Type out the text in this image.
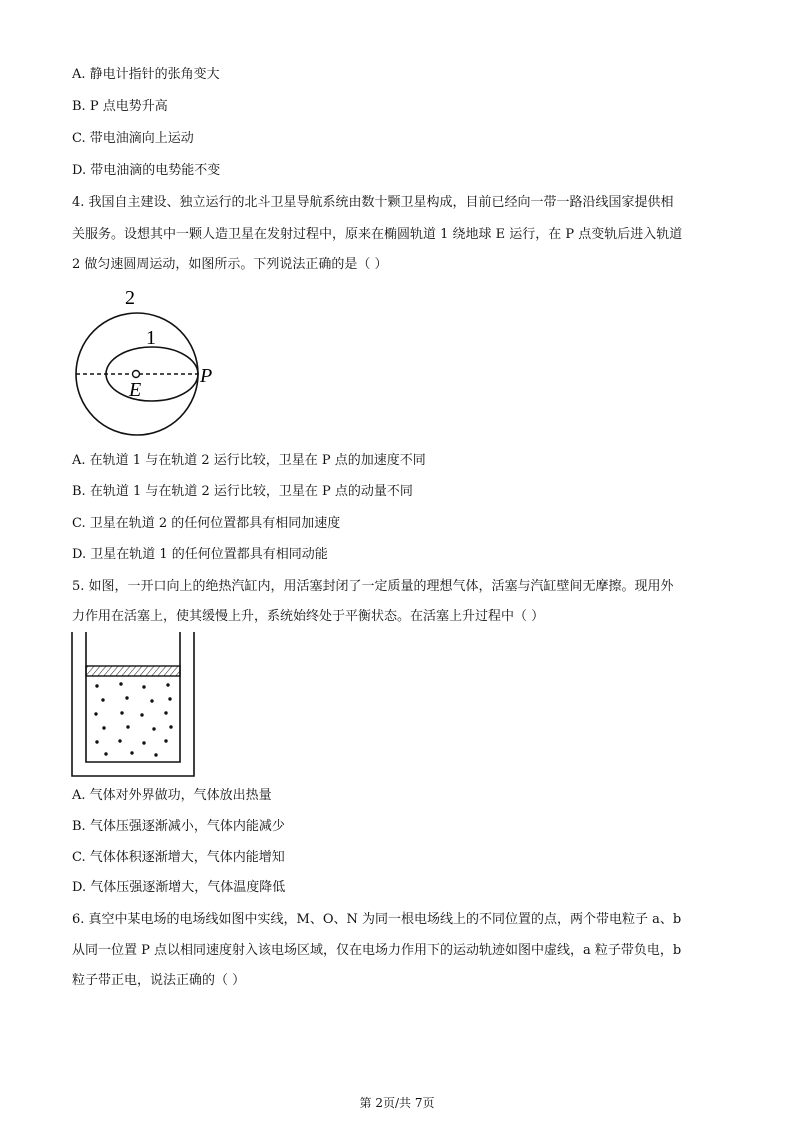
A. 静电计指针的张角变大
B. P 点电势升高
C. 带电油滴向上运动
D. 带电油滴的电势能不变
4. 我国自主建设、独立运行的北斗卫星导航系统由数十颗卫星构成，目前已经向一带一路沿线国家提供相
关服务。设想其中一颗人造卫星在发射过程中，原来在椭圆轨道 1 绕地球 E 运行，在 P 点变轨后进入轨道
2 做匀速圆周运动，如图所示。下列说法正确的是（ ）
2
1
E
P
A. 在轨道 1 与在轨道 2 运行比较，卫星在 P 点的加速度不同
B. 在轨道 1 与在轨道 2 运行比较，卫星在 P 点的动量不同
C. 卫星在轨道 2 的任何位置都具有相同加速度
D. 卫星在轨道 1 的任何位置都具有相同动能
5. 如图，一开口向上的绝热汽缸内，用活塞封闭了一定质量的理想气体，活塞与汽缸壁间无摩擦。现用外
力作用在活塞上，使其缓慢上升，系统始终处于平衡状态。在活塞上升过程中（ ）
A. 气体对外界做功，气体放出热量
B. 气体压强逐渐减小，气体内能减少
C. 气体体积逐渐增大，气体内能增知
D. 气体压强逐渐增大，气体温度降低
6. 真空中某电场的电场线如图中实线，M、O、N 为同一根电场线上的不同位置的点，两个带电粒子 a、b
从同一位置 P 点以相同速度射入该电场区域，仅在电场力作用下的运动轨迹如图中虚线，a 粒子带负电，b
粒子带正电，说法正确的（ ）
第 2页/共 7页
